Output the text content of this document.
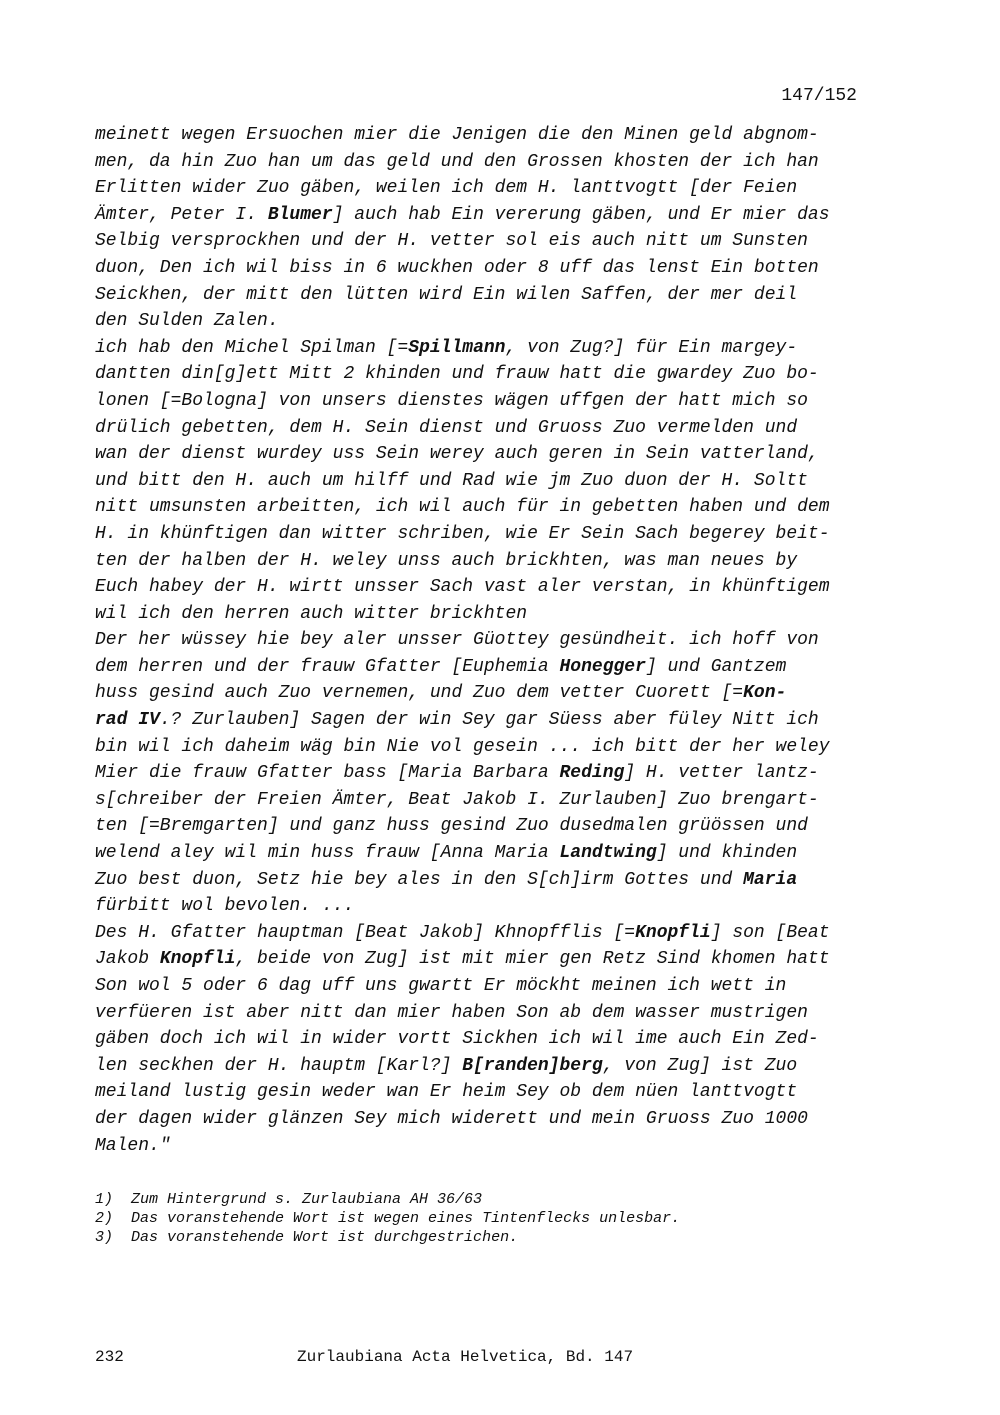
147/152
meinett wegen Ersuochen mier die Jenigen die den Minen geld abgnom-
men, da hin Zuo han um das geld und den Grossen khosten der ich han
Erlitten wider Zuo gäben, weilen ich dem H. lanttvogtt [der Feien
Ämter, Peter I. Blumer] auch hab Ein vererung gäben, und Er mier das
Selbig versprockhen und der H. vetter sol eis auch nitt um Sunsten
duon, Den ich wil biss in 6 wuckhen oder 8 uff das lenst Ein botten
Seickhen, der mitt den lütten wird Ein wilen Saffen, der mer deil
den Sulden Zalen.
ich hab den Michel Spilman [=Spillmann, von Zug?] für Ein margey-
dantten din[g]ett Mitt 2 khinden und frauw hatt die gwardey Zuo bo-
lonen [=Bologna] von unsers dienstes wägen uffgen der hatt mich so
drülich gebetten, dem H. Sein dienst und Gruoss Zuo vermelden und
wan der dienst wurdey uss Sein werey auch geren in Sein vatterland,
und bitt den H. auch um hilff und Rad wie jm Zuo duon der H. Soltt
nitt umsunsten arbeitten, ich wil auch für in gebetten haben und dem
H. in khünftigen dan witter schriben, wie Er Sein Sach begerey beit-
ten der halben der H. weley unss auch brickhten, was man neues by
Euch habey der H. wirtt unsser Sach vast aler verstan, in khünftigem
wil ich den herren auch witter brickhten
Der her wüssey hie bey aler unsser Güottey gesündheit. ich hoff von
dem herren und der frauw Gfatter [Euphemia Honegger] und Gantzem
huss gesind auch Zuo vernemen, und Zuo dem vetter Cuorett [=Kon-
rad IV.? Zurlauben] Sagen der win Sey gar Süess aber füley Nitt ich
bin wil ich daheim wäg bin Nie vol gesein ... ich bitt der her weley
Mier die frauw Gfatter bass [Maria Barbara Reding] H. vetter lantz-
s[chreiber der Freien Ämter, Beat Jakob I. Zurlauben] Zuo brengart-
ten [=Bremgarten] und ganz huss gesind Zuo dusedmalen grüössen und
welend aley wil min huss frauw [Anna Maria Landtwing] und khinden
Zuo best duon, Setz hie bey ales in den S[ch]irm Gottes und Maria
fürbitt wol bevolen. ...
Des H. Gfatter hauptman [Beat Jakob] Khnopfflis [=Knopfli] son [Beat
Jakob Knopfli, beide von Zug] ist mit mier gen Retz Sind khomen hatt
Son wol 5 oder 6 dag uff uns gwartt Er möckht meinen ich wett in
verfüeren ist aber nitt dan mier haben Son ab dem wasser mustrigen
gäben doch ich wil in wider vortt Sickhen ich wil ime auch Ein Zed-
len seckhen der H. hauptm [Karl?] B[randen]berg, von Zug] ist Zuo
meiland lustig gesin weder wan Er heim Sey ob dem nüen lanttvogtt
der dagen wider glänzen Sey mich widerett und mein Gruoss Zuo 1000
Malen."
1)  Zum Hintergrund s. Zurlaubiana AH 36/63
2)  Das voranstehende Wort ist wegen eines Tintenflecks unlesbar.
3)  Das voranstehende Wort ist durchgestrichen.
232	Zurlaubiana Acta Helvetica, Bd. 147
